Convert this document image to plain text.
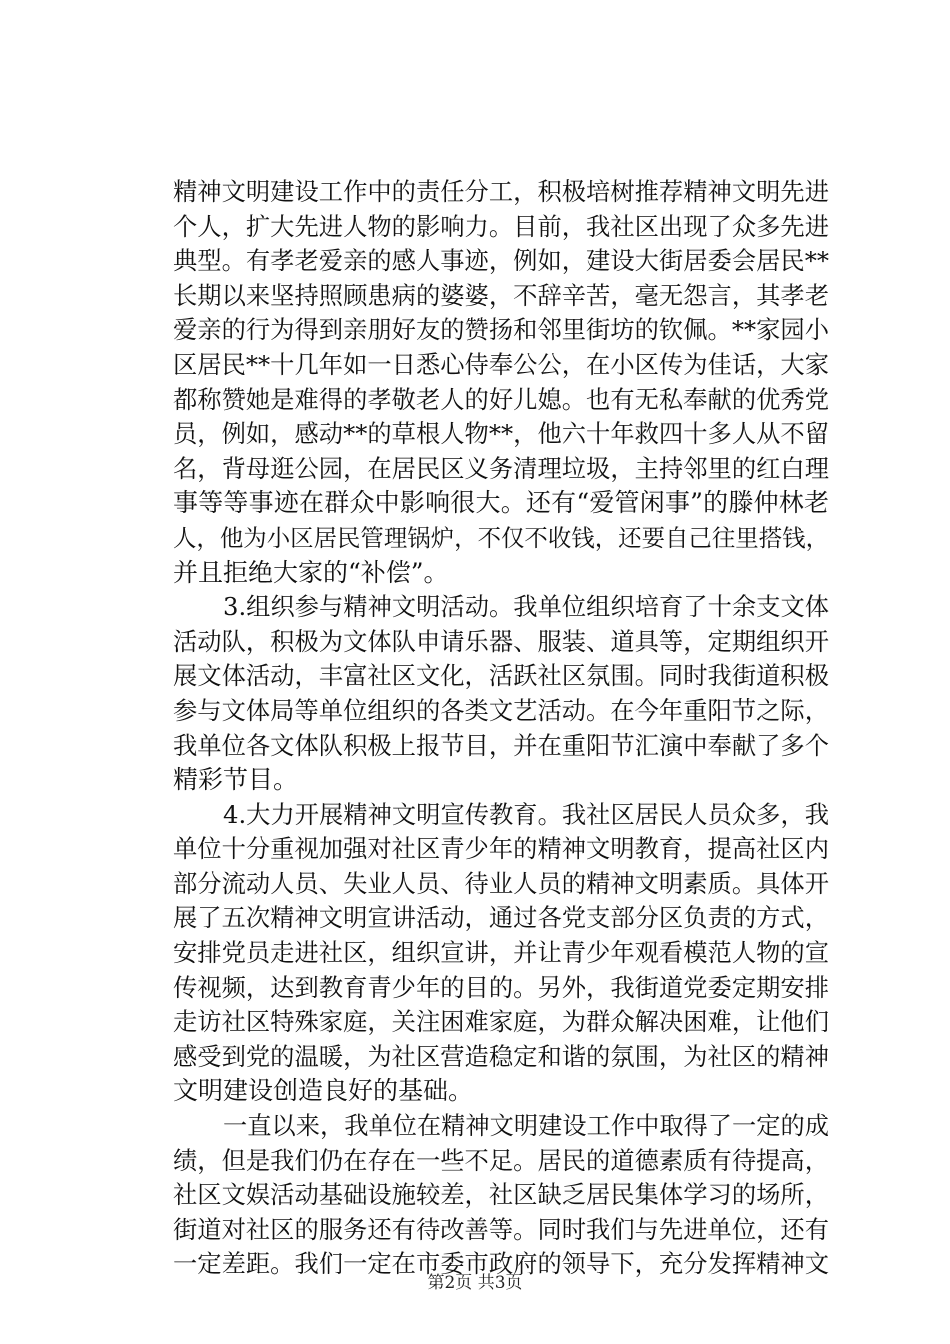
精神文明建设工作中的责任分工，积极培树推荐精神文明先进
个人，扩大先进人物的影响力。目前，我社区出现了众多先进
典型。有孝老爱亲的感人事迹，例如，建设大街居委会居民**
长期以来坚持照顾患病的婆婆，不辞辛苦，毫无怨言，其孝老
爱亲的行为得到亲朋好友的赞扬和邻里街坊的钦佩。**家园小
区居民**十几年如一日悉心侍奉公公，在小区传为佳话，大家
都称赞她是难得的孝敬老人的好儿媳。也有无私奉献的优秀党
员，例如，感动**的草根人物**，他六十年救四十多人从不留
名，背母逛公园，在居民区义务清理垃圾，主持邻里的红白理
事等等事迹在群众中影响很大。还有“爱管闲事”的滕仲林老
人，他为小区居民管理锅炉，不仅不收钱，还要自己往里搭钱，
并且拒绝大家的“补偿”。
3.组织参与精神文明活动。我单位组织培育了十余支文体
活动队，积极为文体队申请乐器、服装、道具等，定期组织开
展文体活动，丰富社区文化，活跃社区氛围。同时我街道积极
参与文体局等单位组织的各类文艺活动。在今年重阳节之际，
我单位各文体队积极上报节目，并在重阳节汇演中奉献了多个
精彩节目。
4.大力开展精神文明宣传教育。我社区居民人员众多，我
单位十分重视加强对社区青少年的精神文明教育，提高社区内
部分流动人员、失业人员、待业人员的精神文明素质。具体开
展了五次精神文明宣讲活动，通过各党支部分区负责的方式，
安排党员走进社区，组织宣讲，并让青少年观看模范人物的宣
传视频，达到教育青少年的目的。另外，我街道党委定期安排
走访社区特殊家庭，关注困难家庭，为群众解决困难，让他们
感受到党的温暖，为社区营造稳定和谐的氛围，为社区的精神
文明建设创造良好的基础。
一直以来，我单位在精神文明建设工作中取得了一定的成
绩，但是我们仍在存在一些不足。居民的道德素质有待提高，
社区文娱活动基础设施较差，社区缺乏居民集体学习的场所，
街道对社区的服务还有待改善等。同时我们与先进单位，还有
一定差距。我们一定在市委市政府的领导下，充分发挥精神文
第2页 共3页
